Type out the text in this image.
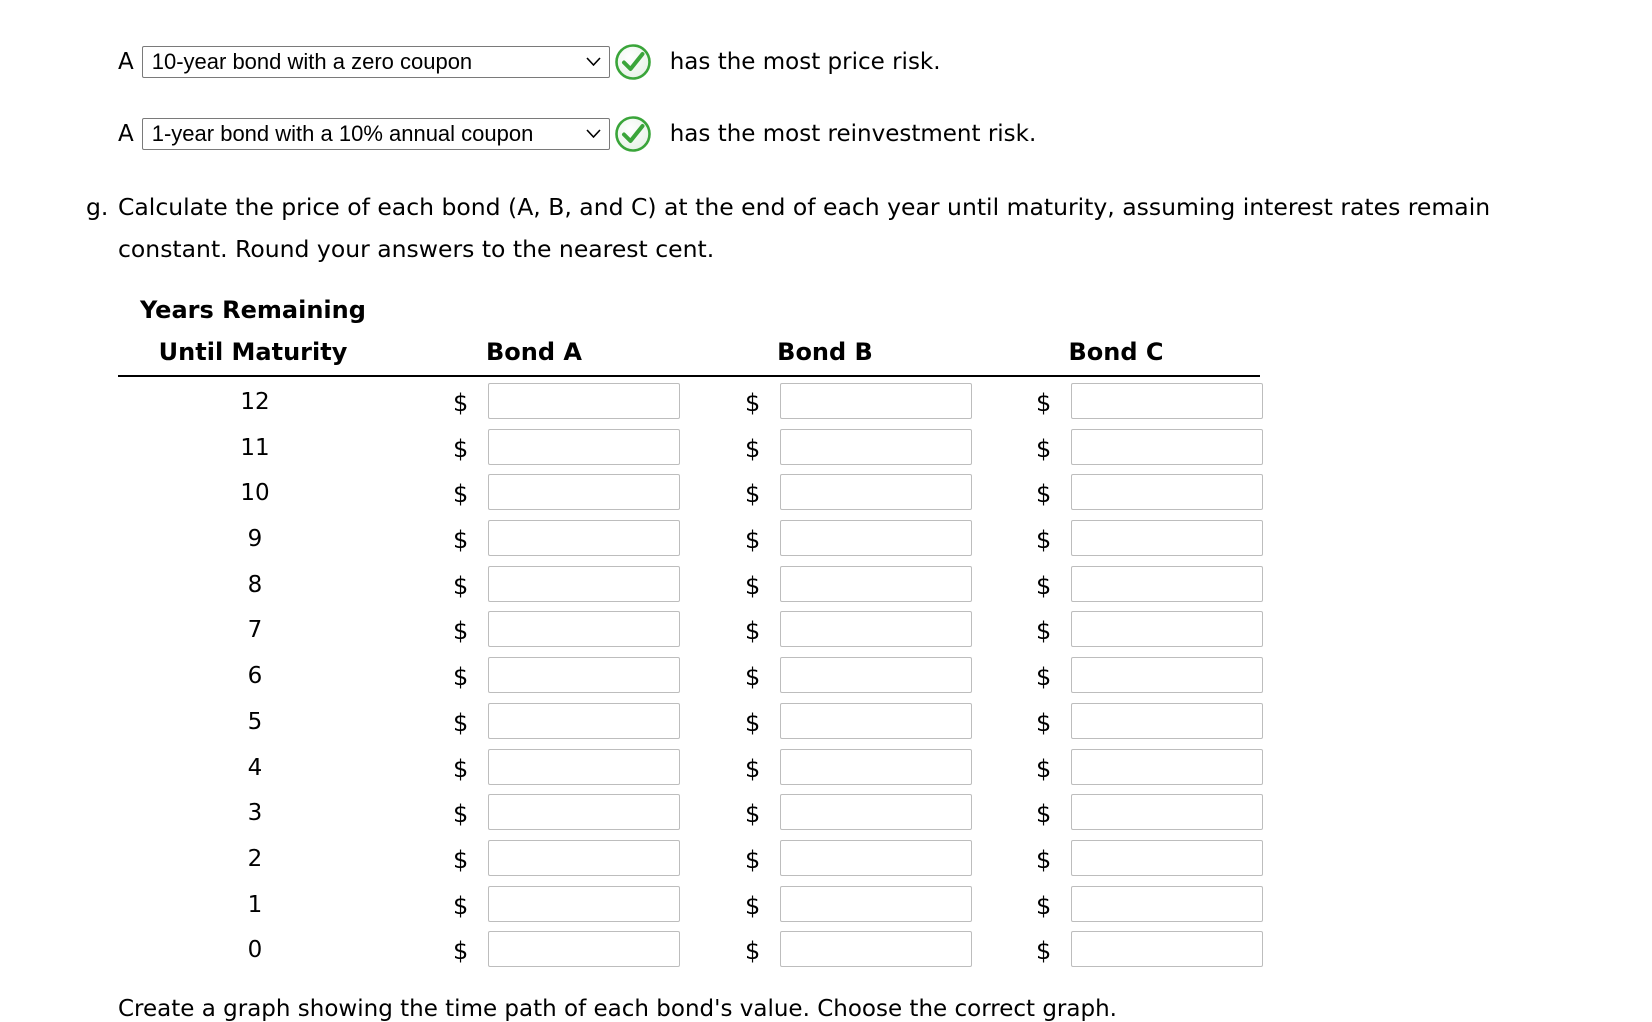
A 10-year bond with a zero coupon	has the most price risk.
A 1-year bond with a 10% annual coupon	has the most reinvestment risk.
g. Calculate the price of each bond (A, B, and C) at the end of each year until maturity, assuming interest rates remain constant. Round your answers to the nearest cent.
Years Remaining
Until Maturity	Bond A	Bond B	Bond C
12	$	$	$
11	$	$	$
10	$	$	$
9	$	$	$
8	$	$	$
7	$	$	$
6	$	$	$
5	$	$	$
4	$	$	$
3	$	$	$
2	$	$	$
1	$	$	$
0	$	$	$
Create a graph showing the time path of each bond's value. Choose the correct graph.
